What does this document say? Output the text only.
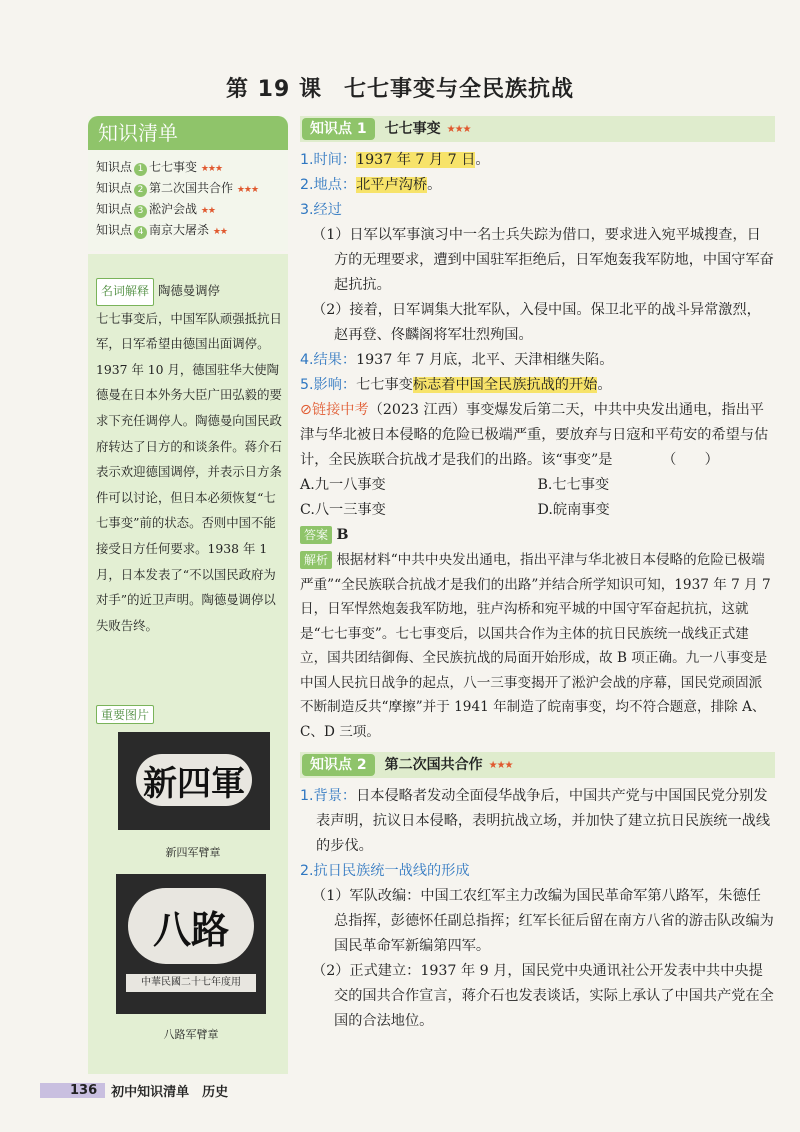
第 19 课 七七事变与全民族抗战
知识清单
知识点 1 七七事变 ★★★
知识点 2 第二次国共合作 ★★★
知识点 3 淞沪会战 ★★
知识点 4 南京大屠杀 ★★
名词解释 陶德曼调停
七七事变后，中国军队顽强抵抗日军，日军希望由德国出面调停。1937 年 10 月，德国驻华大使陶德曼在日本外务大臣广田弘毅的要求下充任调停人。陶德曼向国民政府转达了日方的和谈条件。蒋介石表示欢迎德国调停，并表示日方条件可以讨论，但日本必须恢复“七七事变”前的状态。否则中国不能接受日方任何要求。1938 年 1 月，日本发表了“不以国民政府为对手”的近卫声明。陶德曼调停以失败告终。
重要图片
新四軍
新四军臂章
八路
中華民國二十七年度用
八路军臂章
知识点 1	七七事变 ★★★

1.时间：1937 年 7 月 7 日。

2.地点：北平卢沟桥。

3.经过

（1）日军以军事演习中一名士兵失踪为借口，要求进入宛平城搜查，日方的无理要求，遭到中国驻军拒绝后，日军炮轰我军防地，中国守军奋起抗抗。

（2）接着，日军调集大批军队，入侵中国。保卫北平的战斗异常激烈，赵再登、佟麟阁将军壮烈殉国。

4.结果：1937 年 7 月底，北平、天津相继失陷。

5.影响：七七事变标志着中国全民族抗战的开始。

⊘链接中考（2023 江西）事变爆发后第二天，中共中央发出通电，指出平津与华北被日本侵略的危险已极端严重，要放弃与日寇和平苟安的希望与估计，全民族联合抗战才是我们的出路。该“事变”是　　　　（　　）

A.九一八事变	B.七七事变
C.八一三事变	D.皖南事变

答案 B

解析 根据材料“中共中央发出通电，指出平津与华北被日本侵略的危险已极端严重”“全民族联合抗战才是我们的出路”并结合所学知识可知，1937 年 7 月 7 日，日军悍然炮轰我军防地，驻卢沟桥和宛平城的中国守军奋起抗抗，这就是“七七事变”。七七事变后，以国共合作为主体的抗日民族统一战线正式建立，国共团结御侮、全民族抗战的局面开始形成，故 B 项正确。九一八事变是中国人民抗日战争的起点，八一三事变揭开了淞沪会战的序幕，国民党顽固派不断制造反共“摩擦”并于 1941 年制造了皖南事变，均不符合题意，排除 A、C、D 三项。

知识点 2	第二次国共合作 ★★★

1.背景：日本侵略者发动全面侵华战争后，中国共产党与中国国民党分别发表声明，抗议日本侵略，表明抗战立场，并加快了建立抗日民族统一战线的步伐。

2.抗日民族统一战线的形成

（1）军队改编：中国工农红军主力改编为国民革命军第八路军，朱德任总指挥，彭德怀任副总指挥；红军长征后留在南方八省的游击队改编为国民革命军新编第四军。

（2）正式建立：1937 年 9 月，国民党中央通讯社公开发表中共中央提交的国共合作宣言，蒋介石也发表谈话，实际上承认了中国共产党在全国的合法地位。

136	初中知识清单　历史
